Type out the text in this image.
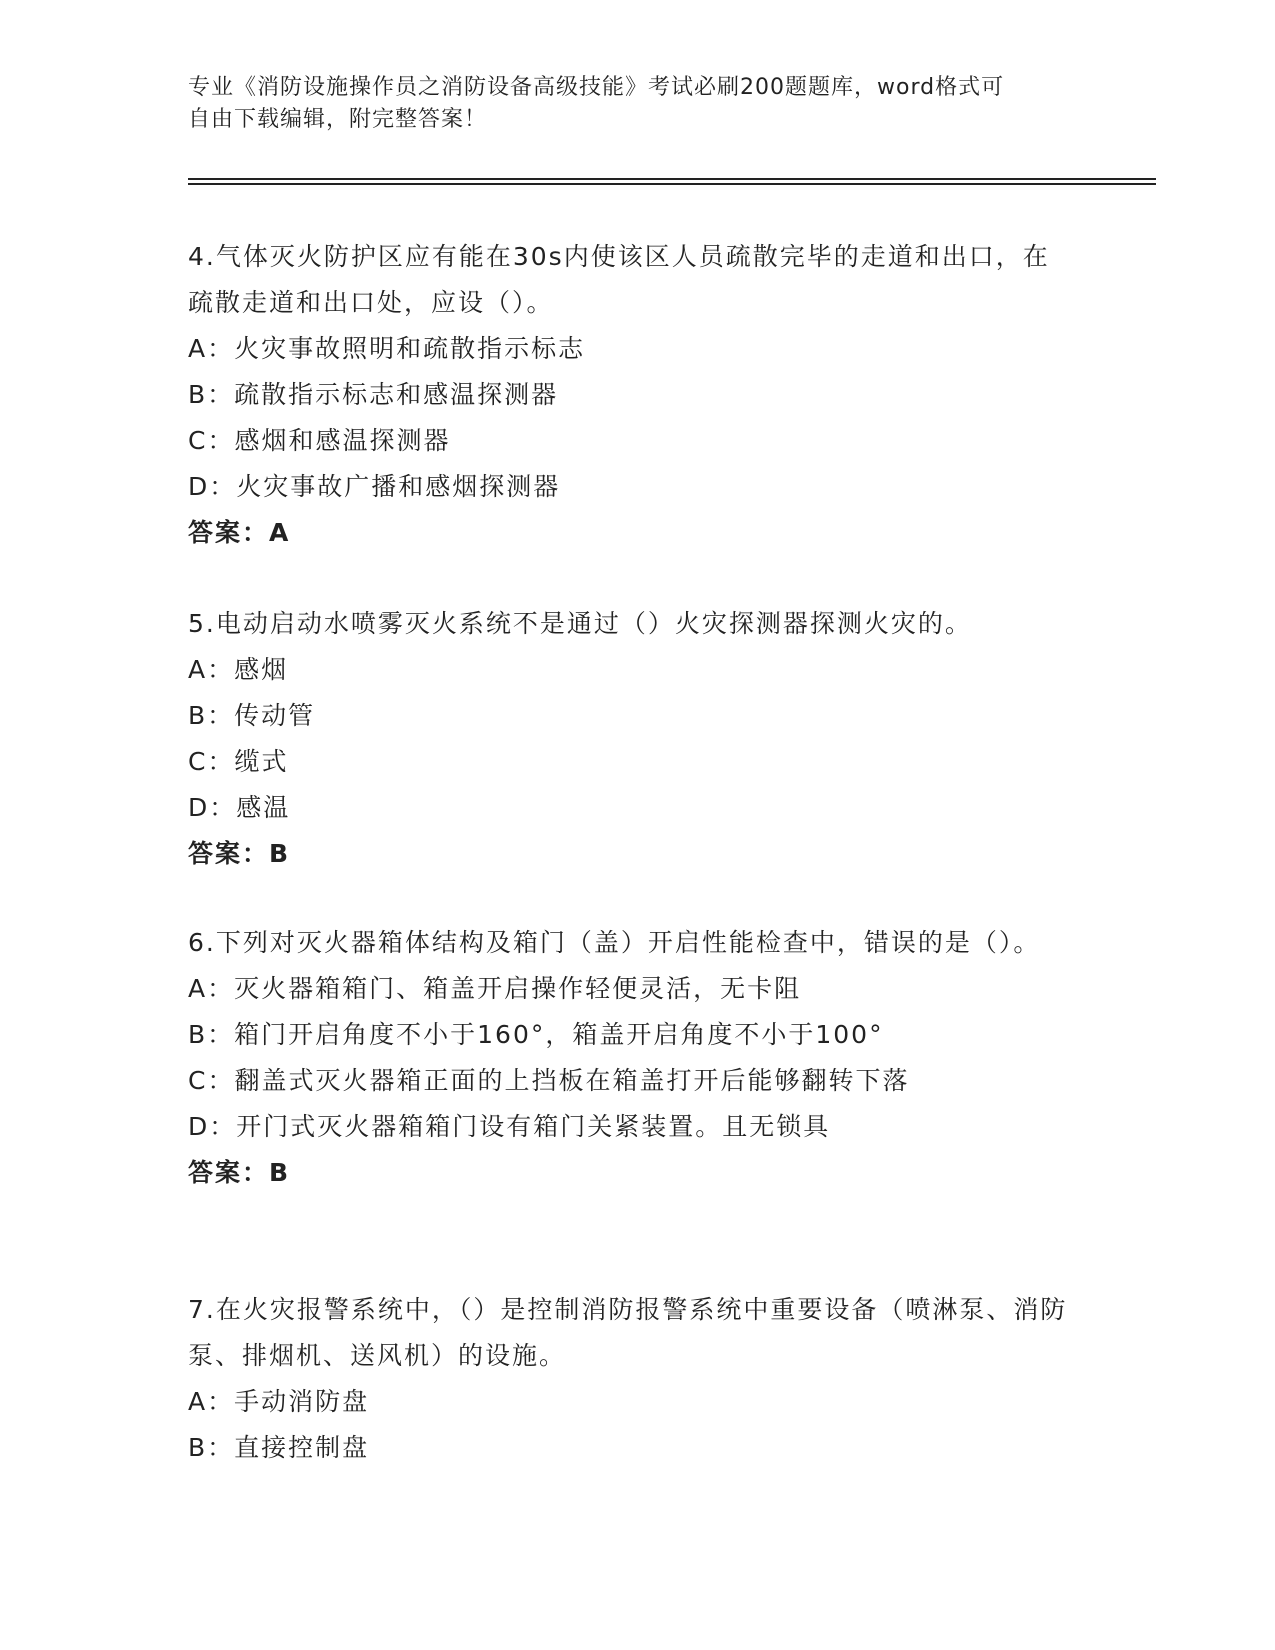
专业《消防设施操作员之消防设备高级技能》考试必刷200题题库，word格式可
自由下载编辑，附完整答案！
4.气体灭火防护区应有能在30s内使该区人员疏散完毕的走道和出口，在疏散走道和出口处，应设（）。
A：火灾事故照明和疏散指示标志
B：疏散指示标志和感温探测器
C：感烟和感温探测器
D：火灾事故广播和感烟探测器
答案：A
5.电动启动水喷雾灭火系统不是通过（）火灾探测器探测火灾的。
A：感烟
B：传动管
C：缆式
D：感温
答案：B
6.下列对灭火器箱体结构及箱门（盖）开启性能检查中，错误的是（）。
A：灭火器箱箱门、箱盖开启操作轻便灵活，无卡阻
B：箱门开启角度不小于160°，箱盖开启角度不小于100°
C：翻盖式灭火器箱正面的上挡板在箱盖打开后能够翻转下落
D：开门式灭火器箱箱门设有箱门关紧装置。且无锁具
答案：B
7.在火灾报警系统中，（）是控制消防报警系统中重要设备（喷淋泵、消防泵、排烟机、送风机）的设施。
A：手动消防盘
B：直接控制盘
